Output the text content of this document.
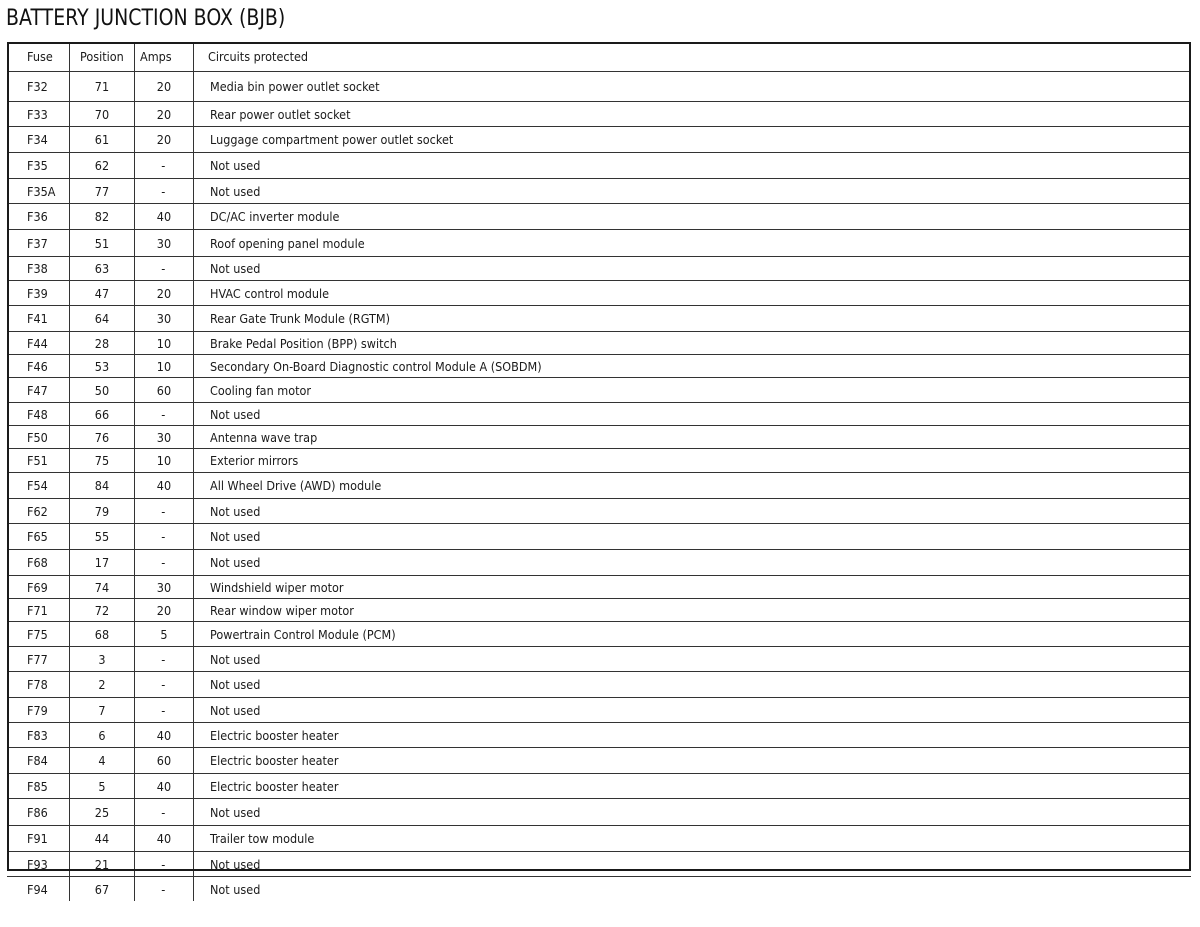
BATTERY JUNCTION BOX (BJB)
Fuse	Position	Amps	Circuits protected
F32	71	20	Media bin power outlet socket
F33	70	20	Rear power outlet socket
F34	61	20	Luggage compartment power outlet socket
F35	62	-	Not used
F35A	77	-	Not used
F36	82	40	DC/AC inverter module
F37	51	30	Roof opening panel module
F38	63	-	Not used
F39	47	20	HVAC control module
F41	64	30	Rear Gate Trunk Module (RGTM)
F44	28	10	Brake Pedal Position (BPP) switch
F46	53	10	Secondary On-Board Diagnostic control Module A (SOBDM)
F47	50	60	Cooling fan motor
F48	66	-	Not used
F50	76	30	Antenna wave trap
F51	75	10	Exterior mirrors
F54	84	40	All Wheel Drive (AWD) module
F62	79	-	Not used
F65	55	-	Not used
F68	17	-	Not used
F69	74	30	Windshield wiper motor
F71	72	20	Rear window wiper motor
F75	68	5	Powertrain Control Module (PCM)
F77	3	-	Not used
F78	2	-	Not used
F79	7	-	Not used
F83	6	40	Electric booster heater
F84	4	60	Electric booster heater
F85	5	40	Electric booster heater
F86	25	-	Not used
F91	44	40	Trailer tow module
F93	21	-	Not used
F94	67	-	Not used
